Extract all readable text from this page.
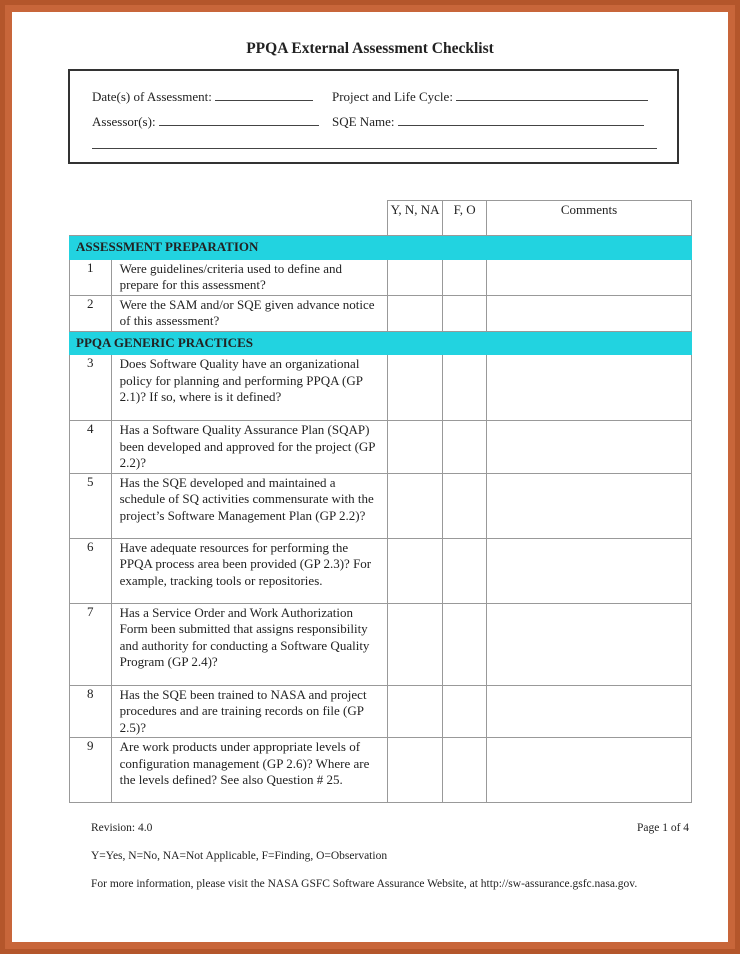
PPQA External Assessment Checklist
Date(s) of Assessment:	Project and Life Cycle:
Assessor(s):	SQE Name:
		Y, N, NA	F, O	Comments
ASSESSMENT PREPARATION				
1	Were guidelines/criteria used to define and prepare for this assessment?			
2	Were the SAM and/or SQE given advance notice of this assessment?			
PPQA GENERIC PRACTICES				
3	Does Software Quality have an organizational policy for planning and performing PPQA (GP 2.1)? If so, where is it defined?			
4	Has a Software Quality Assurance Plan (SQAP) been developed and approved for the project (GP 2.2)?			
5	Has the SQE developed and maintained a schedule of SQ activities commensurate with the project’s Software Management Plan (GP 2.2)?			
6	Have adequate resources for performing the PPQA process area been provided (GP 2.3)? For example, tracking tools or repositories.			
7	Has a Service Order and Work Authorization Form been submitted that assigns responsibility and authority for conducting a Software Quality Program (GP 2.4)?			
8	Has the SQE been trained to NASA and project procedures and are training records on file (GP 2.5)?			
9	Are work products under appropriate levels of configuration management (GP 2.6)? Where are the levels defined? See also Question # 25.			
Revision: 4.0	Page 1 of 4
Y=Yes, N=No, NA=Not Applicable, F=Finding, O=Observation
For more information, please visit the NASA GSFC Software Assurance Website, at http://sw-assurance.gsfc.nasa.gov.
